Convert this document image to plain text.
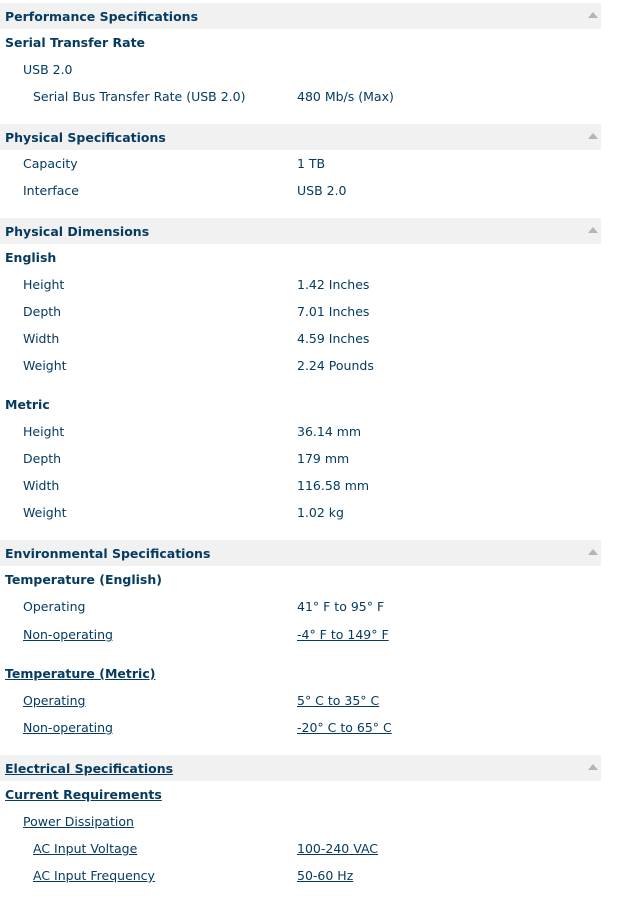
Performance Specifications
Serial Transfer Rate
USB 2.0
Serial Bus Transfer Rate (USB 2.0)	480 Mb/s (Max)
Physical Specifications
Capacity	1 TB
Interface	USB 2.0
Physical Dimensions
English
Height	1.42 Inches
Depth	7.01 Inches
Width	4.59 Inches
Weight	2.24 Pounds
Metric
Height	36.14 mm
Depth	179 mm
Width	116.58 mm
Weight	1.02 kg
Environmental Specifications
Temperature (English)
Operating	41° F to 95° F
Non-operating	-4° F to 149° F
Temperature (Metric)
Operating	5° C to 35° C
Non-operating	-20° C to 65° C
Electrical Specifications
Current Requirements
Power Dissipation
AC Input Voltage	100-240 VAC
AC Input Frequency	50-60 Hz
